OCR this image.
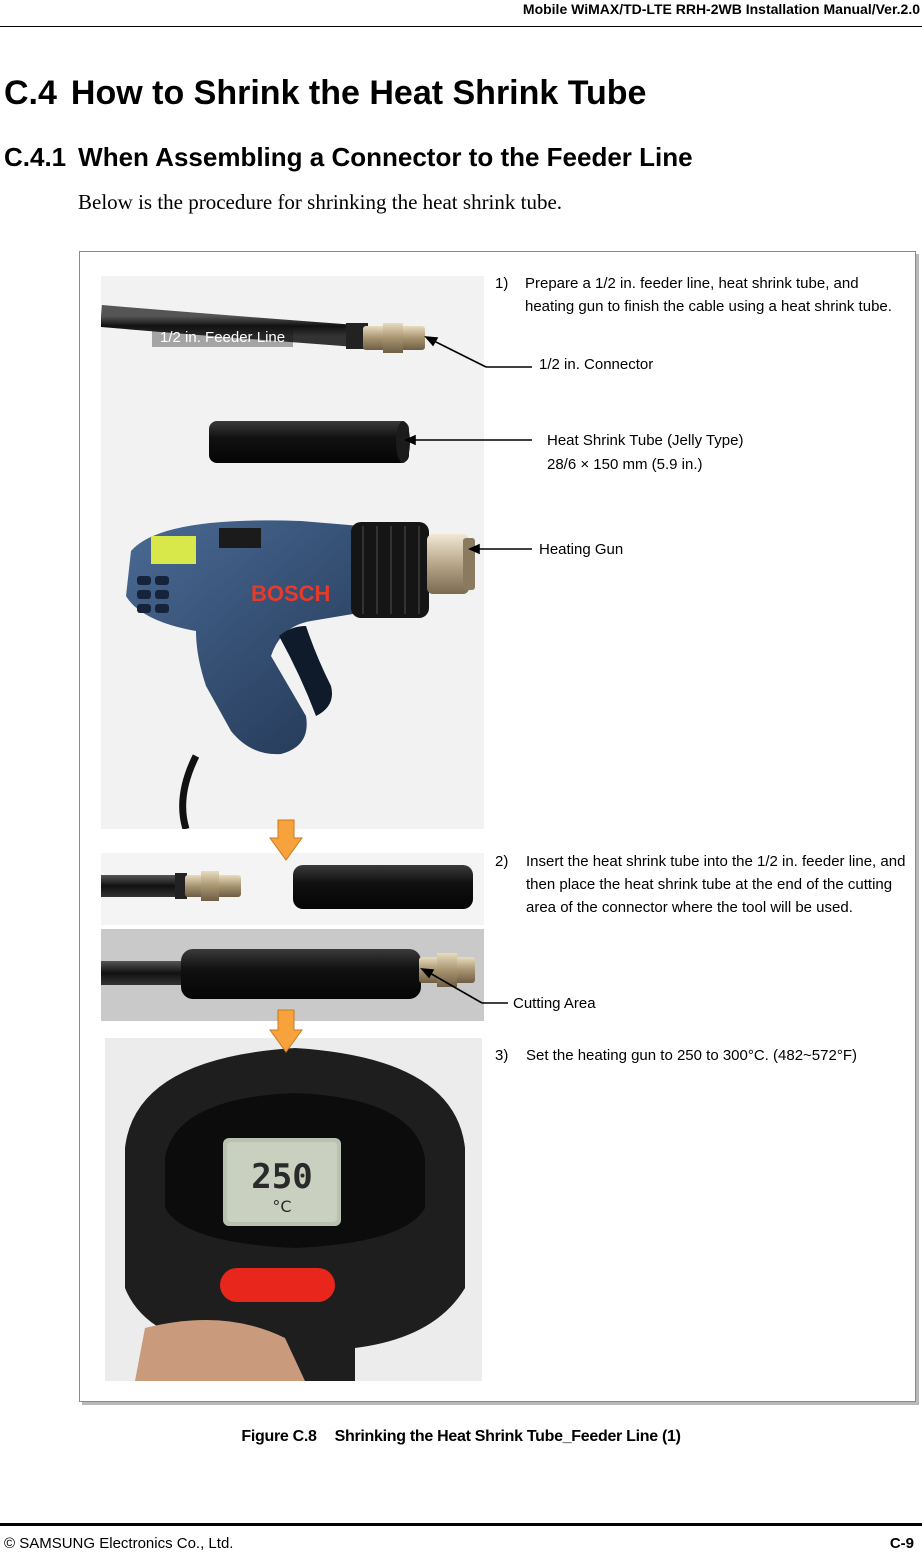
Mobile WiMAX/TD-LTE RRH-2WB Installation Manual/Ver.2.0
C.4 How to Shrink the Heat Shrink Tube
C.4.1 When Assembling a Connector to the Feeder Line
Below is the procedure for shrinking the heat shrink tube.
BOSCH
1/2 in. Feeder Line
250
°C
1/2 in. Connector
Heat Shrink Tube (Jelly Type)
28/6 × 150 mm (5.9 in.)
Heating Gun
Cutting Area
1)	Prepare a 1/2 in. feeder line, heat shrink tube, and heating gun to finish the cable using a heat shrink tube.
2)	Insert the heat shrink tube into the 1/2 in. feeder line, and then place the heat shrink tube at the end of the cutting area of the connector where the tool will be used.
3)	Set the heating gun to 250 to 300°C. (482~572°F)
Figure C.8 Shrinking the Heat Shrink Tube_Feeder Line (1)
© SAMSUNG Electronics Co., Ltd.	C-9
